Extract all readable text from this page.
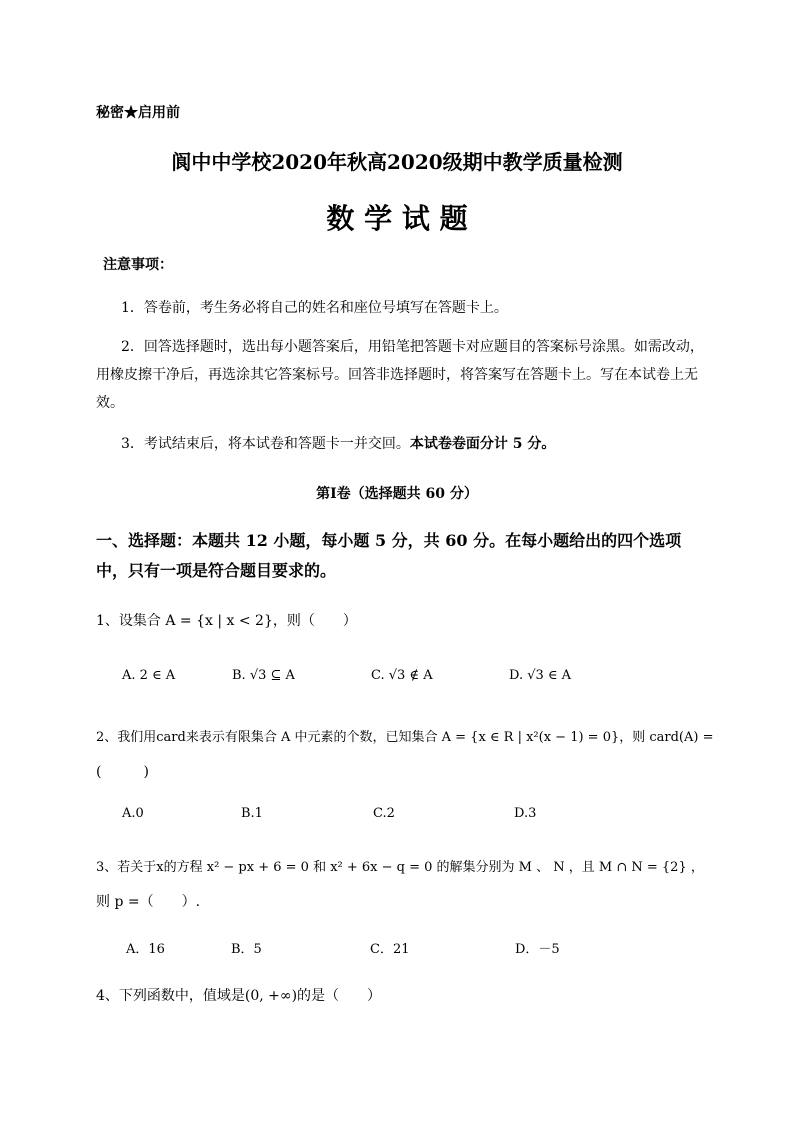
秘密★启用前
阆中中学校2020年秋高2020级期中教学质量检测
数 学 试 题
注意事项：
1．答卷前，考生务必将自己的姓名和座位号填写在答题卡上。
2．回答选择题时，选出每小题答案后，用铅笔把答题卡对应题目的答案标号涂黑。如需改动，用橡皮擦干净后，再选涂其它答案标号。回答非选择题时，将答案写在答题卡上。写在本试卷上无效。
3．考试结束后，将本试卷和答题卡一并交回。本试卷卷面分计 5 分。
第Ⅰ卷（选择题共 60 分）
一、选择题：本题共 12 小题，每小题 5 分，共 60 分。在每小题给出的四个选项中，只有一项是符合题目要求的。
1、设集合 A = {x | x < 2}，则（　　）
A. 2 ∈ A	B. √3 ⊆ A	C. √3 ∉ A	D. √3 ∈ A
2、我们用card来表示有限集合 A 中元素的个数，已知集合 A = {x ∈ R | x²(x − 1) = 0}，则 card(A) =
(　　　)
A.0	B.1	C.2	D.3
3、若关于x的方程 x² − px + 6 = 0 和 x² + 6x − q = 0 的解集分别为 M 、 N ，且 M ∩ N = {2} ，
则 p =（　　）.
A．16	B．5	C．21	D．－5
4、下列函数中，值域是(0, +∞)的是（　　）
